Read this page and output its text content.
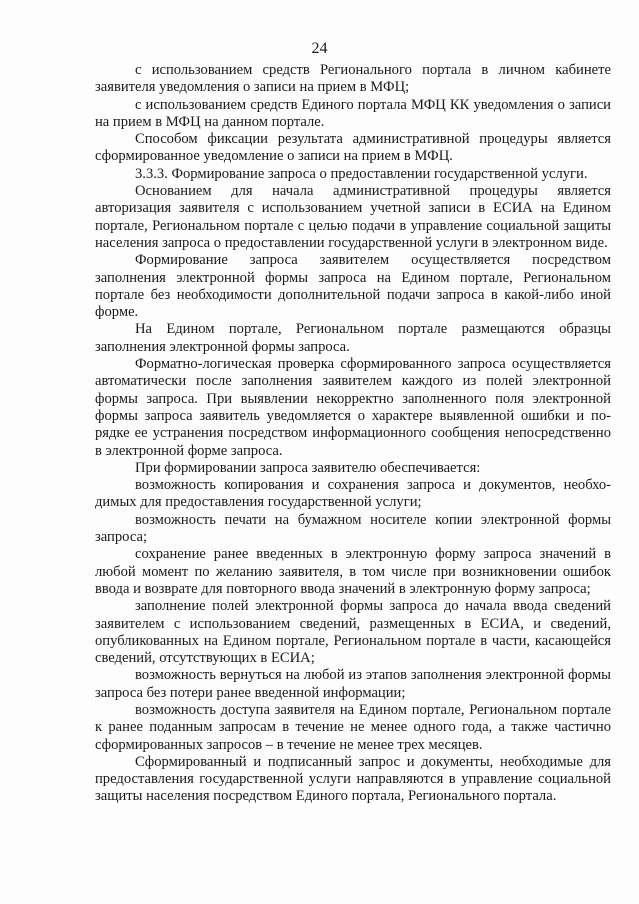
24

с использованием средств Регионального портала в личном кабинете заявителя уведомления о записи на прием в МФЦ;

с использованием средств Единого портала МФЦ КК уведомления о записи на прием в МФЦ на данном портале.

Способом фиксации результата административной процедуры является сформированное уведомление о записи на прием в МФЦ.

3.3.3. Формирование запроса о предоставлении государственной услуги.

Основанием для начала административной процедуры является авторизация заявителя с использованием учетной записи в ЕСИА на Едином портале, Региональном портале с целью подачи в управление социальной защиты населения запроса о предоставлении государственной услуги в электронном виде.

Формирование запроса заявителем осуществляется посредством заполнения электронной формы запроса на Едином портале, Региональном портале без необходимости дополнительной подачи запроса в какой-либо иной форме.

На Едином портале, Региональном портале размещаются образцы заполнения электронной формы запроса.

Форматно-логическая проверка сформированного запроса осуществляется автоматически после заполнения заявителем каждого из полей электронной формы запроса. При выявлении некорректно заполненного поля электронной формы запроса заявитель уведомляется о характере выявленной ошибки и порядке ее устранения посредством информационного сообщения непосредственно в электронной форме запроса.

При формировании запроса заявителю обеспечивается:

возможность копирования и сохранения запроса и документов, необходимых для предоставления государственной услуги;

возможность печати на бумажном носителе копии электронной формы запроса;

сохранение ранее введенных в электронную форму запроса значений в любой момент по желанию заявителя, в том числе при возникновении ошибок ввода и возврате для повторного ввода значений в электронную форму запроса;

заполнение полей электронной формы запроса до начала ввода сведений заявителем с использованием сведений, размещенных в ЕСИА, и сведений, опубликованных на Едином портале, Региональном портале в части, касающейся сведений, отсутствующих в ЕСИА;

возможность вернуться на любой из этапов заполнения электронной формы запроса без потери ранее введенной информации;

возможность доступа заявителя на Едином портале, Региональном портале к ранее поданным запросам в течение не менее одного года, а также частично сформированных запросов – в течение не менее трех месяцев.

Сформированный и подписанный запрос и документы, необходимые для предоставления государственной услуги направляются в управление социальной защиты населения посредством Единого портала, Регионального портала.
